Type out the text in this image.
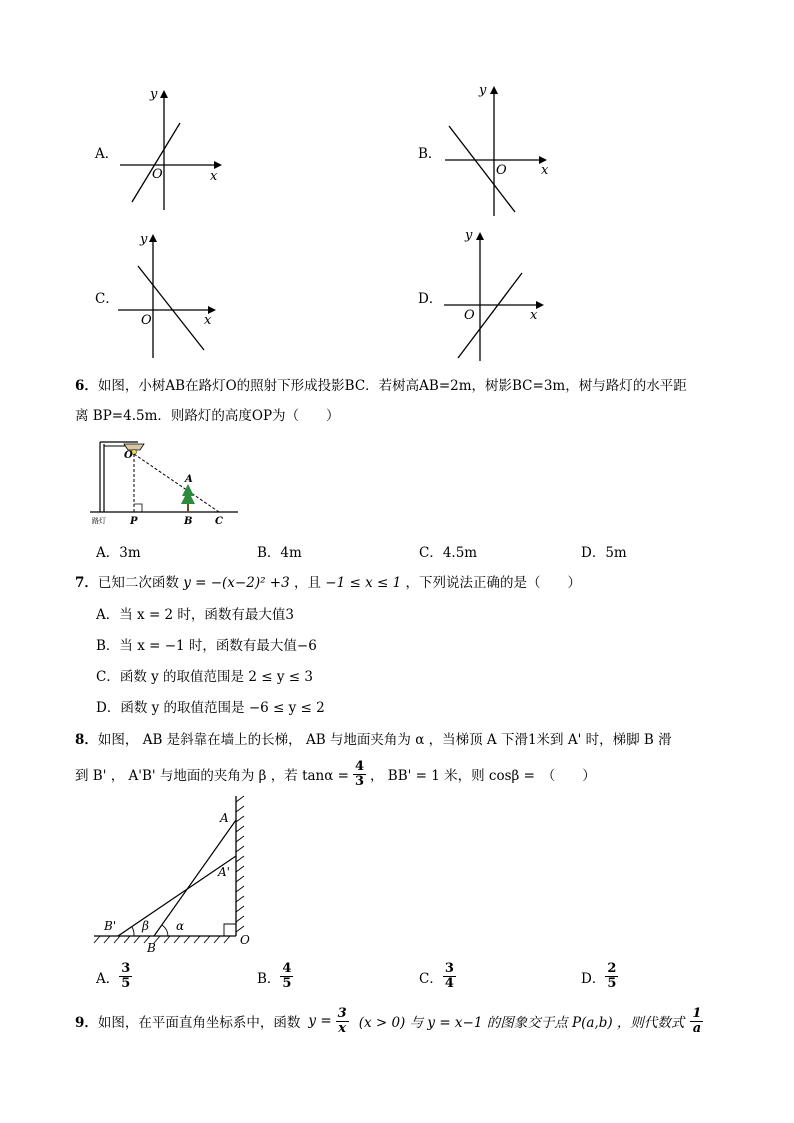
A．
O	x
y
B．
O	x
y
C．
O	x
y
D．
O	x
y
6．如图，小树AB在路灯O的照射下形成投影BC．若树高AB=2m，树影BC=3m，树与路灯的水平距
离 BP=4.5m．则路灯的高度OP为（　　）
O
A
P	B C
路灯
A．3m	B．4m	C．4.5m	D．5m
7．已知二次函数 y = −(x−2)² +3 ，且 −1 ≤ x ≤ 1 ，下列说法正确的是（　　）
A．当 x = 2 时，函数有最大值3
B．当 x = −1 时，函数有最大值−6
C．函数 y 的取值范围是 2 ≤ y ≤ 3
D．函数 y 的取值范围是 −6 ≤ y ≤ 2
8．如图， AB 是斜靠在墙上的长梯， AB 与地面夹角为 α ，当梯顶 A 下滑1米到 A' 时，梯脚 B 滑
到 B' ， A'B' 与地面的夹角为 β ，若 $\tan\alpha = \frac{4}{3}$ ， BB' = 1 米，则 cosβ =　（　　）
A
A'
B'
B
O
α
β
A． $\frac{3}{5}$	B． $\frac{4}{5}$	C． $\frac{3}{4}$	D． $\frac{2}{5}$
9． 如图，在平面直角坐标系中，函数 $y = \frac{3}{x} (x > 0)$ 与 y = x−1 的图象交于点 P(a,b) ，则代数式 $\frac{1}{a}$
